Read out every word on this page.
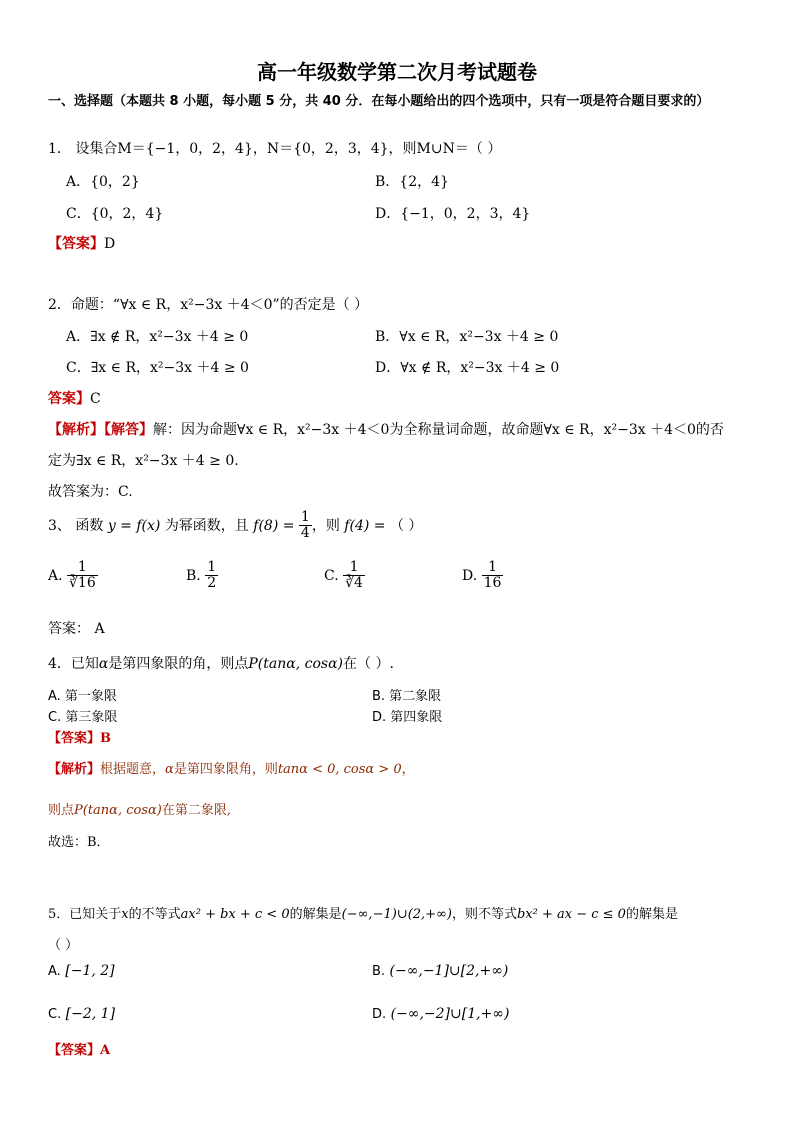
高一年级数学第二次月考试题卷
一、选择题（本题共 8 小题，每小题 5 分，共 40 分．在每小题给出的四个选项中，只有一项是符合题目要求的）
1． 设集合M＝{−1，0，2，4}，N＝{0，2，3，4}，则M∪N＝（ ）
A．{0，2}	B．{2，4}
C．{0，2，4}	D．{−1，0，2，3，4}
【答案】D
2．命题：“∀x ∈ R，x²−3x ＋4＜0”的否定是（ ）
A．∃x ∉ R，x²−3x ＋4 ≥ 0	B．∀x ∈ R，x²−3x ＋4 ≥ 0
C．∃x ∈ R，x²−3x ＋4 ≥ 0	D．∀x ∉ R，x²−3x ＋4 ≥ 0
答案】C
【解析】【解答】解：因为命题∀x ∈ R，x²−3x ＋4＜0为全称量词命题，故命题∀x ∈ R，x²−3x ＋4＜0的否
定为∃x ∈ R，x²−3x ＋4 ≥ 0.
故答案为：C.
3、 函数 y = f(x) 为幂函数，且 $f(8) = \frac{1}{4}$ ，则 f(4) = （ ）
A. $\frac{1}{∛16}$	B. $\frac{1}{2}$	C. $\frac{1}{∛4}$	D. $\frac{1}{16}$
答案： A
4．已知α是第四象限的角，则点P(tanα, cosα)在（ ）.
A. 第一象限	B. 第二象限
C. 第三象限	D. 第四象限
【答案】B
【解析】根据题意，α是第四象限角，则tanα < 0, cosα > 0，
则点P(tanα, cosα)在第二象限,
故选：B．
5．已知关于x的不等式ax² + bx + c < 0的解集是(−∞,−1)∪(2,+∞)，则不等式bx² + ax − c ≤ 0的解集是
（ ）
A. [−1, 2]	B. (−∞,−1]∪[2,+∞)
C. [−2, 1]	D. (−∞,−2]∪[1,+∞)
【答案】A
